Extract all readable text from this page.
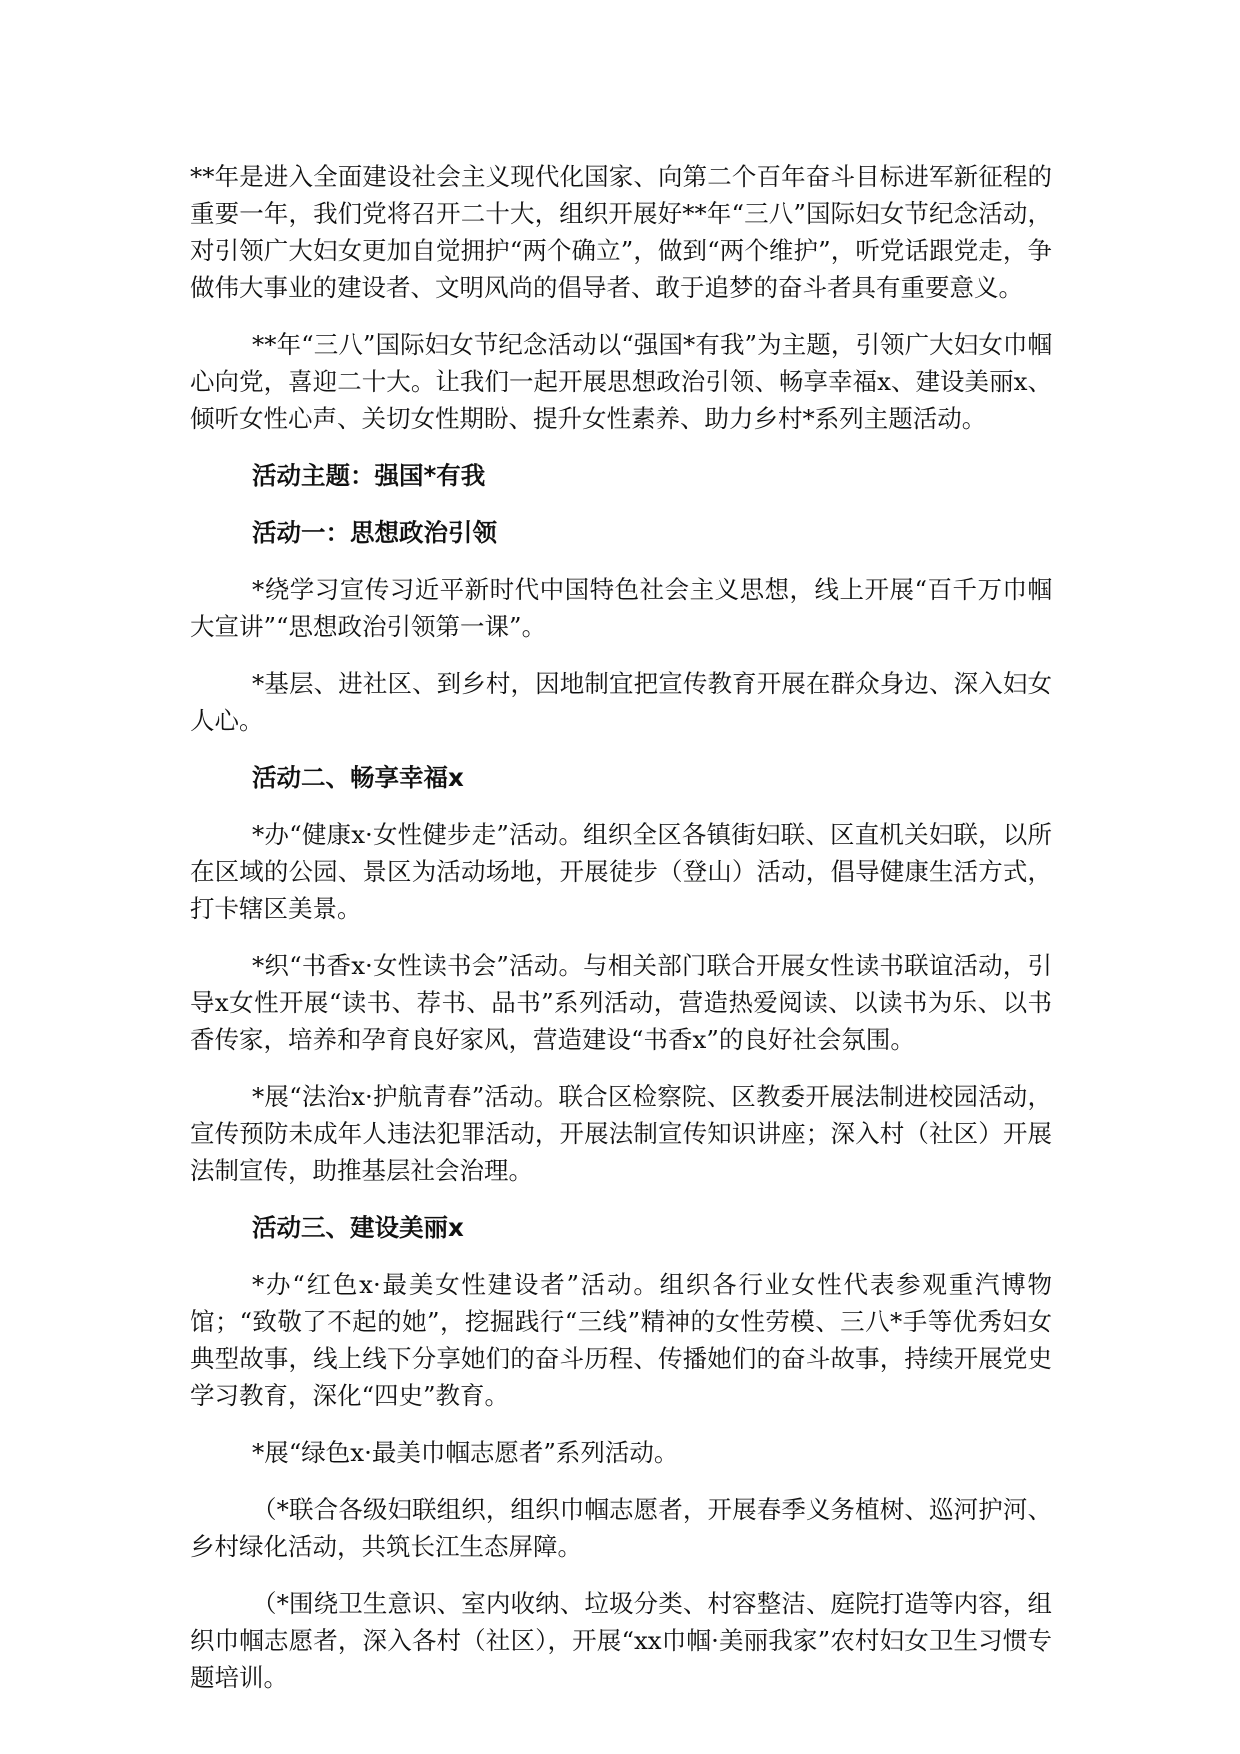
**年是进入全面建设社会主义现代化国家、向第二个百年奋斗目标进军新征程的重要一年，我们党将召开二十大，组织开展好**年“三八”国际妇女节纪念活动，对引领广大妇女更加自觉拥护“两个确立”，做到“两个维护”，听党话跟党走，争做伟大事业的建设者、文明风尚的倡导者、敢于追梦的奋斗者具有重要意义。

**年“三八”国际妇女节纪念活动以“强国*有我”为主题，引领广大妇女巾帼心向党，喜迎二十大。让我们一起开展思想政治引领、畅享幸福x、建设美丽x、倾听女性心声、关切女性期盼、提升女性素养、助力乡村*系列主题活动。

活动主题：强国*有我

活动一：思想政治引领

*绕学习宣传习近平新时代中国特色社会主义思想，线上开展“百千万巾帼大宣讲”“思想政治引领第一课”。

*基层、进社区、到乡村，因地制宜把宣传教育开展在群众身边、深入妇女人心。

活动二、畅享幸福x

*办“健康x·女性健步走”活动。组织全区各镇街妇联、区直机关妇联，以所在区域的公园、景区为活动场地，开展徒步（登山）活动，倡导健康生活方式，打卡辖区美景。

*织“书香x·女性读书会”活动。与相关部门联合开展女性读书联谊活动，引导x女性开展“读书、荐书、品书”系列活动，营造热爱阅读、以读书为乐、以书香传家，培养和孕育良好家风，营造建设“书香x”的良好社会氛围。

*展“法治x·护航青春”活动。联合区检察院、区教委开展法制进校园活动，宣传预防未成年人违法犯罪活动，开展法制宣传知识讲座；深入村（社区）开展法制宣传，助推基层社会治理。

活动三、建设美丽x

*办“红色x·最美女性建设者”活动。组织各行业女性代表参观重汽博物馆；“致敬了不起的她”，挖掘践行“三线”精神的女性劳模、三八*手等优秀妇女典型故事，线上线下分享她们的奋斗历程、传播她们的奋斗故事，持续开展党史学习教育，深化“四史”教育。

*展“绿色x·最美巾帼志愿者”系列活动。

（*联合各级妇联组织，组织巾帼志愿者，开展春季义务植树、巡河护河、乡村绿化活动，共筑长江生态屏障。

（*围绕卫生意识、室内收纳、垃圾分类、村容整洁、庭院打造等内容，组织巾帼志愿者，深入各村（社区），开展“xx巾帼·美丽我家”农村妇女卫生习惯专题培训。
